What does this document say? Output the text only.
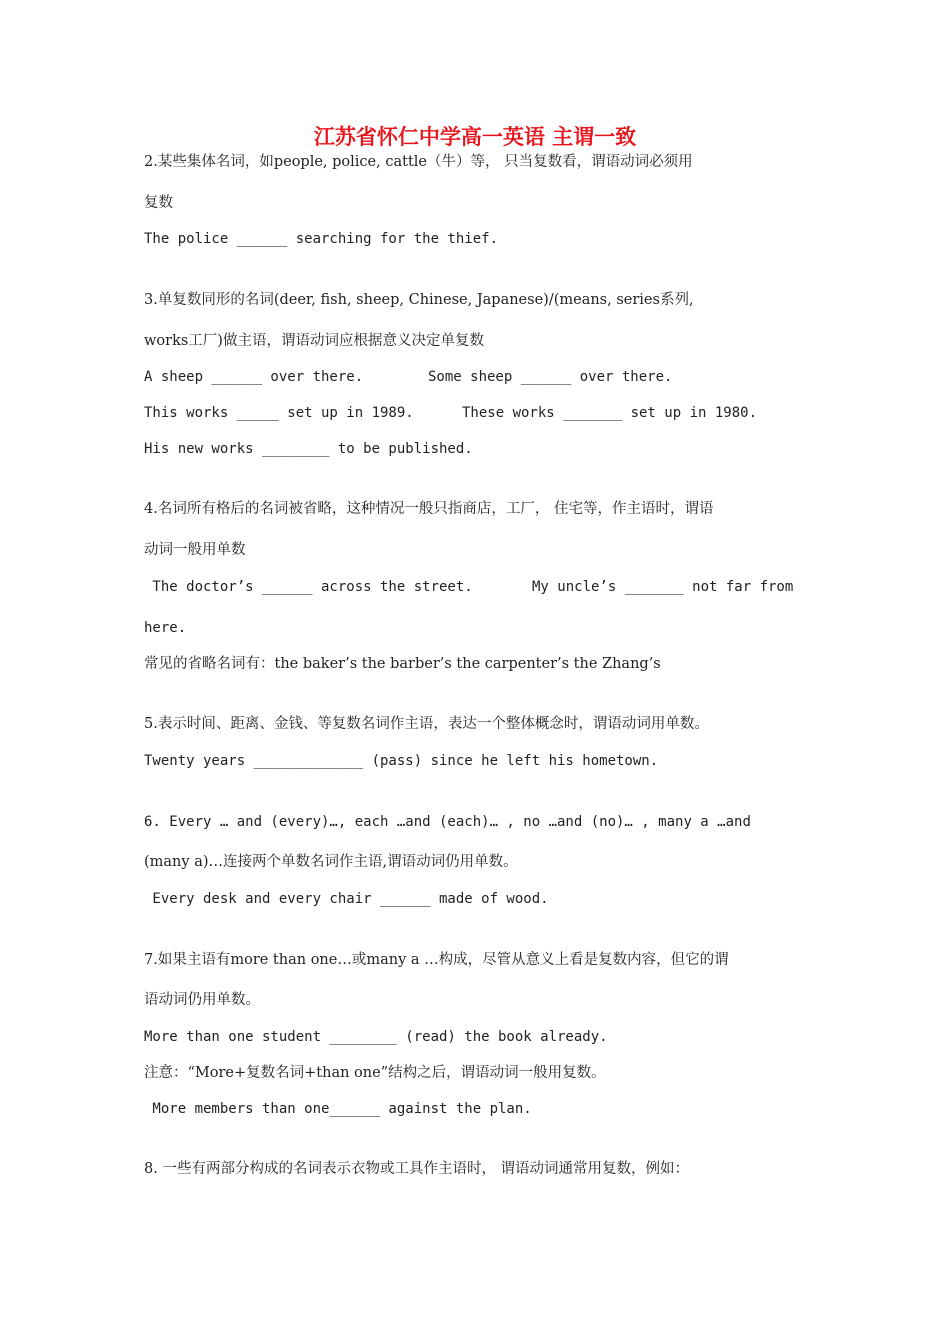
江苏省怀仁中学高一英语 主谓一致
2.某些集体名词，如people, police, cattle（牛）等， 只当复数看，谓语动词必须用
复数
The police ______ searching for the thief.
3.单复数同形的名词(deer, fish, sheep, Chinese, Japanese)/(means, series系列,
works工厂)做主语，谓语动词应根据意义决定单复数
A sheep ______ over there.	Some sheep ______ over there.
This works _____ set up in 1989.	These works _______ set up in 1980.
His new works ________ to be published.
4.名词所有格后的名词被省略，这种情况一般只指商店，工厂， 住宅等，作主语时，谓语
动词一般用单数
The doctor’s ______ across the street.	My uncle’s _______ not far from
here.
常见的省略名词有：the baker’s the barber’s the carpenter’s the Zhang’s
5.表示时间、距离、金钱、等复数名词作主语，表达一个整体概念时，谓语动词用单数。
Twenty years _____________ (pass) since he left his hometown.
6. Every … and (every)…, each …and (each)… , no …and (no)… , many a …and
(many a)…连接两个单数名词作主语,谓语动词仍用单数。
Every desk and every chair ______ made of wood.
7.如果主语有more than one…或many a …构成，尽管从意义上看是复数内容，但它的谓
语动词仍用单数。
More than one student ________ (read) the book already.
注意：“More+复数名词+than one”结构之后，谓语动词一般用复数。
More members than one______ against the plan.
8. 一些有两部分构成的名词表示衣物或工具作主语时， 谓语动词通常用复数，例如：
